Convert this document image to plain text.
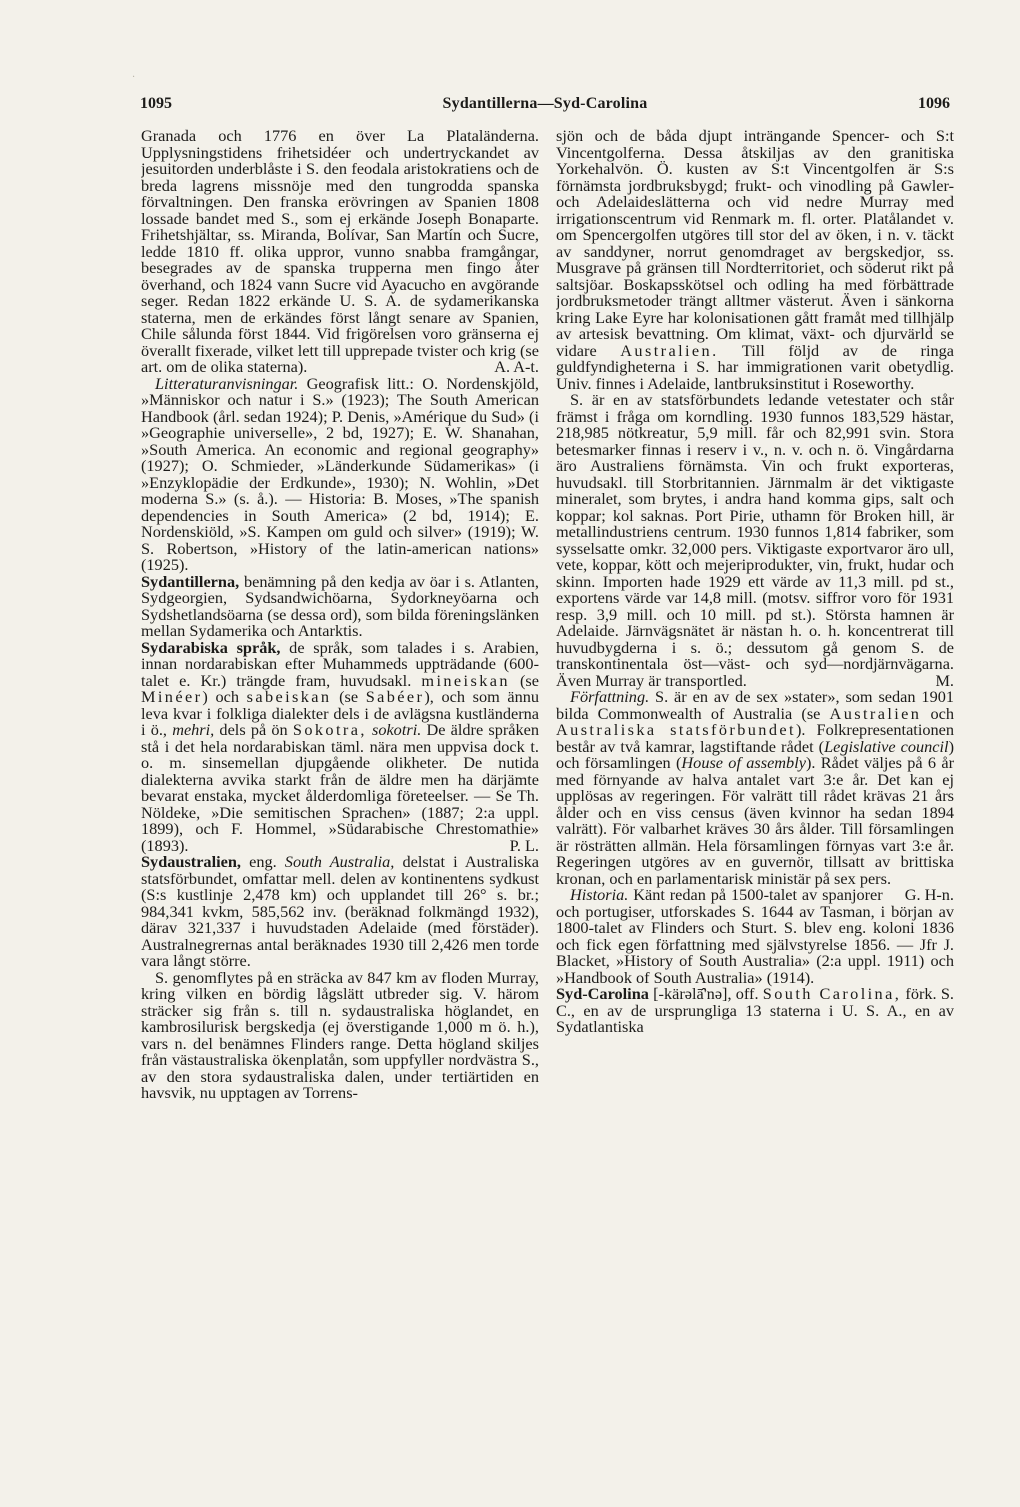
·
1095	Sydantillerna—Syd-Carolina	1096

Granada och 1776 en över La Plataländerna. Upplysningstidens frihetsidéer och undertryckandet av jesuitorden underblåste i S. den feodala aristokratiens och de breda lagrens missnöje med den tungrodda spanska förvaltningen. Den franska erövringen av Spanien 1808 lossade bandet med S., som ej erkände Joseph Bonaparte. Frihetshjältar, ss. Miranda, Bolívar, San Martín och Sucre, ledde 1810 ff. olika uppror, vunno snabba framgångar, besegrades av de spanska trupperna men fingo åter överhand, och 1824 vann Sucre vid Ayacucho en avgörande seger. Redan 1822 erkände U. S. A. de sydamerikanska staterna, men de erkändes först långt senare av Spanien, Chile sålunda först 1844. Vid frigörelsen voro gränserna ej överallt fixerade, vilket lett till upprepade tvister och krig (se art. om de olika staterna).	A. A-t.

Litteraturanvisningar. Geografisk litt.: O. Nordenskjöld, »Människor och natur i S.» (1923); The South American Handbook (årl. sedan 1924); P. Denis, »Amérique du Sud» (i »Geographie universelle», 2 bd, 1927); E. W. Shanahan, »South America. An economic and regional geography» (1927); O. Schmieder, »Länderkunde Südamerikas» (i »Enzyklopädie der Erdkunde», 1930); N. Wohlin, »Det moderna S.» (s. å.). — Historia: B. Moses, »The spanish dependencies in South America» (2 bd, 1914); E. Nordenskiöld, »S. Kampen om guld och silver» (1919); W. S. Robertson, »History of the latin-american nations» (1925).

Sydantillerna, benämning på den kedja av öar i s. Atlanten, Sydgeorgien, Sydsandwichöarna, Sydorkneyöarna och Sydshetlandsöarna (se dessa ord), som bilda föreningslänken mellan Sydamerika och Antarktis.

Sydarabiska språk, de språk, som talades i s. Arabien, innan nordarabiskan efter Muhammeds uppträdande (600-talet e. Kr.) trängde fram, huvudsakl. mineiskan (se Minéer) och sabeiskan (se Sabéer), och som ännu leva kvar i folkliga dialekter dels i de avlägsna kustländerna i ö., mehri, dels på ön Sokotra, sokotri. De äldre språken stå i det hela nordarabiskan täml. nära men uppvisa dock t. o. m. sinsemellan djupgående olikheter. De nutida dialekterna avvika starkt från de äldre men ha därjämte bevarat enstaka, mycket ålderdomliga företeelser. — Se Th. Nöldeke, »Die semitischen Sprachen» (1887; 2:a uppl. 1899), och F. Hommel, »Südarabische Chrestomathie» (1893).	P. L.

Sydaustralien, eng. South Australia, delstat i Australiska statsförbundet, omfattar mell. delen av kontinentens sydkust (S:s kustlinje 2,478 km) och upplandet till 26° s. br.; 984,341 kvkm, 585,562 inv. (beräknad folkmängd 1932), därav 321,337 i huvudstaden Adelaide (med förstäder). Australnegrernas antal beräknades 1930 till 2,426 men torde vara långt större.

S. genomflytes på en sträcka av 847 km av floden Murray, kring vilken en bördig lågslätt utbreder sig. V. härom sträcker sig från s. till n. sydaustraliska höglandet, en kambrosilurisk bergskedja (ej överstigande 1,000 m ö. h.), vars n. del benämnes Flinders range. Detta högland skiljes från västaustraliska ökenplatån, som uppfyller nordvästra S., av den stora sydaustraliska dalen, under tertiärtiden en havsvik, nu upptagen av Torrens-

sjön och de båda djupt inträngande Spencer- och S:t Vincentgolferna. Dessa åtskiljas av den granitiska Yorkehalvön. Ö. kusten av S:t Vincentgolfen är S:s förnämsta jordbruksbygd; frukt- och vinodling på Gawler- och Adelaideslätterna och vid nedre Murray med irrigationscentrum vid Renmark m. fl. orter. Platålandet v. om Spencergolfen utgöres till stor del av öken, i n. v. täckt av sanddyner, norrut genomdraget av bergskedjor, ss. Musgrave på gränsen till Nordterritoriet, och söderut rikt på saltsjöar. Boskapsskötsel och odling ha med förbättrade jordbruksmetoder trängt alltmer västerut. Även i sänkorna kring Lake Eyre har kolonisationen gått framåt med tillhjälp av artesisk bevattning. Om klimat, växt- och djurvärld se vidare Australien. Till följd av de ringa guldfyndigheterna i S. har immigrationen varit obetydlig. Univ. finnes i Adelaide, lantbruksinstitut i Roseworthy.

S. är en av statsförbundets ledande vetestater och står främst i fråga om korndling. 1930 funnos 183,529 hästar, 218,985 nötkreatur, 5,9 mill. får och 82,991 svin. Stora betesmarker finnas i reserv i v., n. v. och n. ö. Vingårdarna äro Australiens förnämsta. Vin och frukt exporteras, huvudsakl. till Storbritannien. Järnmalm är det viktigaste mineralet, som brytes, i andra hand komma gips, salt och koppar; kol saknas. Port Pirie, uthamn för Broken hill, är metallindustriens centrum. 1930 funnos 1,814 fabriker, som sysselsatte omkr. 32,000 pers. Viktigaste exportvaror äro ull, vete, koppar, kött och mejeriprodukter, vin, frukt, hudar och skinn. Importen hade 1929 ett värde av 11,3 mill. pd st., exportens värde var 14,8 mill. (motsv. siffror voro för 1931 resp. 3,9 mill. och 10 mill. pd st.). Största hamnen är Adelaide. Järnvägsnätet är nästan h. o. h. koncentrerat till huvudbygderna i s. ö.; dessutom gå genom S. de transkontinentala öst—väst- och syd—nordjärnvägarna. Även Murray är transportled.	M.

Författning. S. är en av de sex »stater», som sedan 1901 bilda Commonwealth of Australia (se Australien och Australiska statsförbundet). Folkrepresentationen består av två kamrar, lagstiftande rådet (Legislative council) och församlingen (House of assembly). Rådet väljes på 6 år med förnyande av halva antalet vart 3:e år. Det kan ej upplösas av regeringen. För valrätt till rådet krävas 21 års ålder och en viss census (även kvinnor ha sedan 1894 valrätt). För valbarhet kräves 30 års ålder. Till församlingen är rösträtten allmän. Hela församlingen förnyas vart 3:e år. Regeringen utgöres av en guvernör, tillsatt av brittiska kronan, och en parlamentarisk ministär på sex pers.
G. H-n.

Historia. Känt redan på 1500-talet av spanjorer och portugiser, utforskades S. 1644 av Tasman, i början av 1800-talet av Flinders och Sturt. S. blev eng. koloni 1836 och fick egen författning med självstyrelse 1856. — Jfr J. Blacket, »History of South Australia» (2:a uppl. 1911) och »Handbook of South Australia» (1914).

Syd-Carolina [-kärəlā̂'nə], off. South Carolina, förk. S. C., en av de ursprungliga 13 staterna i U. S. A., en av Sydatlantiska
